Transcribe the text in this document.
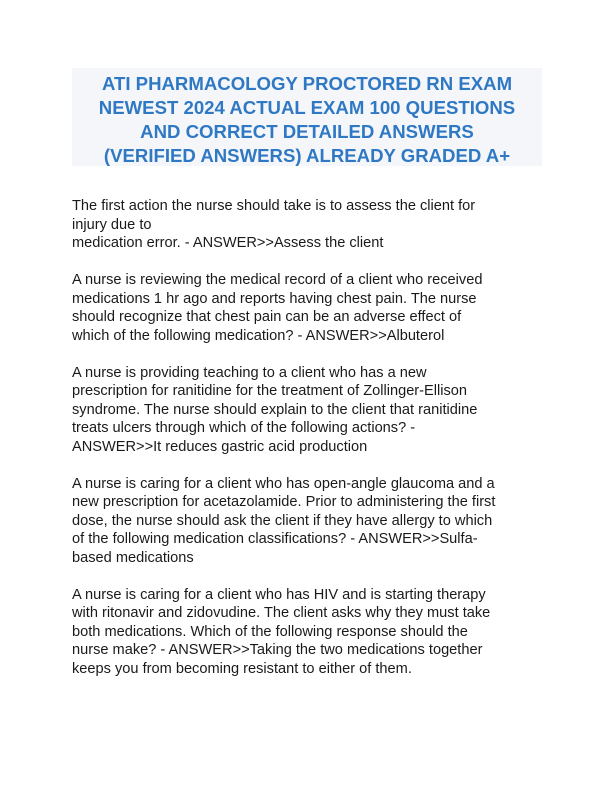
ATI PHARMACOLOGY PROCTORED RN EXAM
NEWEST 2024 ACTUAL EXAM 100 QUESTIONS
AND CORRECT DETAILED ANSWERS
(VERIFIED ANSWERS) ALREADY GRADED A+

The first action the nurse should take is to assess the client for
injury due to
medication error. - ANSWER>>Assess the client

A nurse is reviewing the medical record of a client who received
medications 1 hr ago and reports having chest pain. The nurse
should recognize that chest pain can be an adverse effect of
which of the following medication? - ANSWER>>Albuterol

A nurse is providing teaching to a client who has a new
prescription for ranitidine for the treatment of Zollinger-Ellison
syndrome. The nurse should explain to the client that ranitidine
treats ulcers through which of the following actions? -
ANSWER>>It reduces gastric acid production

A nurse is caring for a client who has open-angle glaucoma and a
new prescription for acetazolamide. Prior to administering the first
dose, the nurse should ask the client if they have allergy to which
of the following medication classifications? - ANSWER>>Sulfa-
based medications

A nurse is caring for a client who has HIV and is starting therapy
with ritonavir and zidovudine. The client asks why they must take
both medications. Which of the following response should the
nurse make? - ANSWER>>Taking the two medications together
keeps you from becoming resistant to either of them.
